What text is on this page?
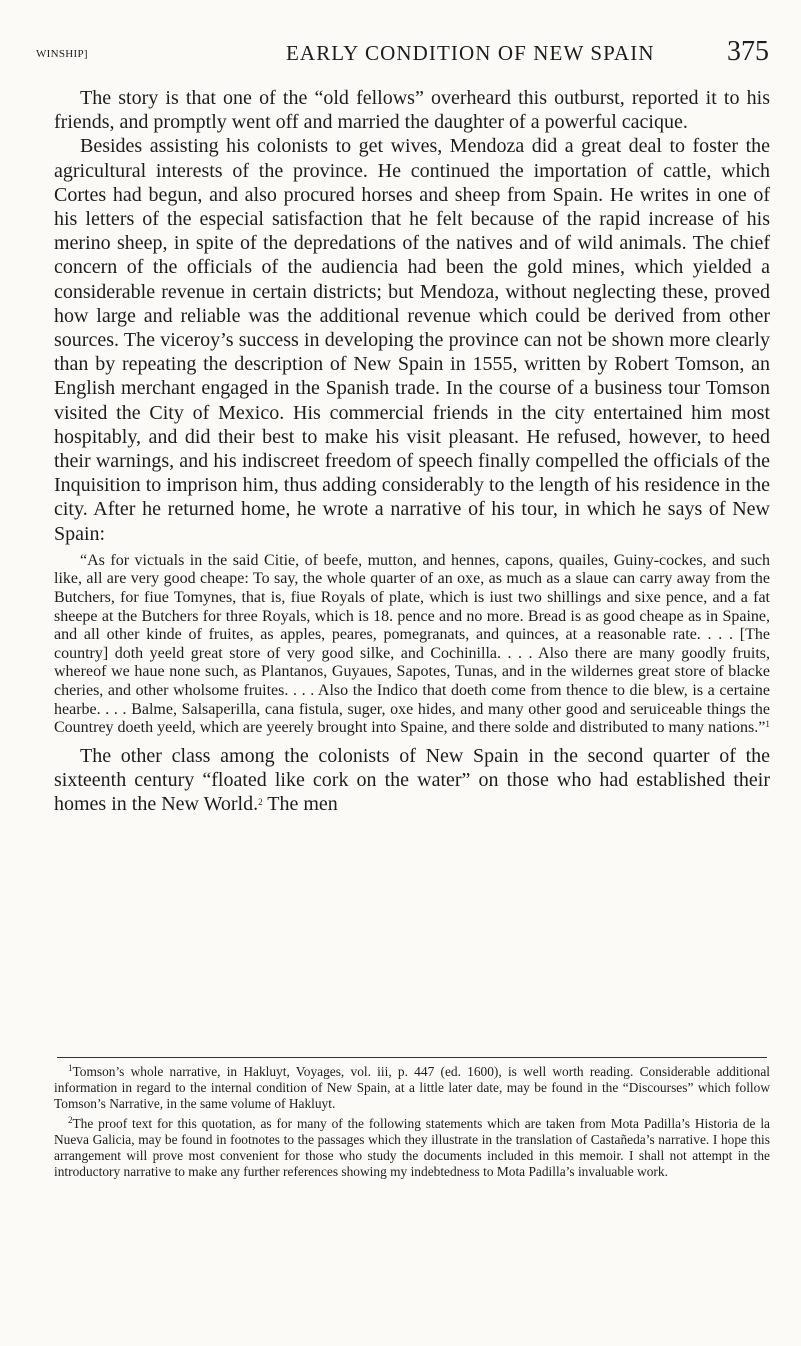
WINSHIP]	EARLY CONDITION OF NEW SPAIN	375

The story is that one of the “old fellows” overheard this outburst, reported it to his friends, and promptly went off and married the daughter of a powerful cacique.

Besides assisting his colonists to get wives, Mendoza did a great deal to foster the agricultural interests of the province. He continued the importation of cattle, which Cortes had begun, and also procured horses and sheep from Spain. He writes in one of his letters of the especial satisfaction that he felt because of the rapid increase of his merino sheep, in spite of the depredations of the natives and of wild animals. The chief concern of the officials of the audiencia had been the gold mines, which yielded a considerable revenue in certain districts; but Mendoza, without neglecting these, proved how large and reliable was the additional revenue which could be derived from other sources. The viceroy’s success in developing the province can not be shown more clearly than by repeating the description of New Spain in 1555, written by Robert Tomson, an English merchant engaged in the Spanish trade. In the course of a business tour Tomson visited the City of Mexico. His commercial friends in the city entertained him most hospitably, and did their best to make his visit pleasant. He refused, however, to heed their warnings, and his indiscreet freedom of speech finally compelled the officials of the Inquisition to imprison him, thus adding considerably to the length of his residence in the city. After he returned home, he wrote a narrative of his tour, in which he says of New Spain:

“As for victuals in the said Citie, of beefe, mutton, and hennes, capons, quailes, Guiny-cockes, and such like, all are very good cheape: To say, the whole quarter of an oxe, as much as a slaue can carry away from the Butchers, for fiue Tomynes, that is, fiue Royals of plate, which is iust two shillings and sixe pence, and a fat sheepe at the Butchers for three Royals, which is 18. pence and no more. Bread is as good cheape as in Spaine, and all other kinde of fruites, as apples, peares, pomegranats, and quinces, at a reasonable rate. . . . [The country] doth yeeld great store of very good silke, and Cochinilla. . . . Also there are many goodly fruits, whereof we haue none such, as Plantanos, Guyaues, Sapotes, Tunas, and in the wildernes great store of blacke cheries, and other wholsome fruites. . . . Also the Indico that doeth come from thence to die blew, is a certaine hearbe. . . . Balme, Salsaperilla, cana fistula, suger, oxe hides, and many other good and seruiceable things the Countrey doeth yeeld, which are yeerely brought into Spaine, and there solde and distributed to many nations.”$^1$

The other class among the colonists of New Spain in the second quarter of the sixteenth century “floated like cork on the water” on those who had established their homes in the New World.$^2$ The men

$^1$Tomson’s whole narrative, in Hakluyt, Voyages, vol. iii, p. 447 (ed. 1600), is well worth reading. Considerable additional information in regard to the internal condition of New Spain, at a little later date, may be found in the “Discourses” which follow Tomson’s Narrative, in the same volume of Hakluyt.

$^2$The proof text for this quotation, as for many of the following statements which are taken from Mota Padilla’s Historia de la Nueva Galicia, may be found in footnotes to the passages which they illustrate in the translation of Castañeda’s narrative. I hope this arrangement will prove most convenient for those who study the documents included in this memoir. I shall not attempt in the introductory narrative to make any further references showing my indebtedness to Mota Padilla’s invaluable work.
